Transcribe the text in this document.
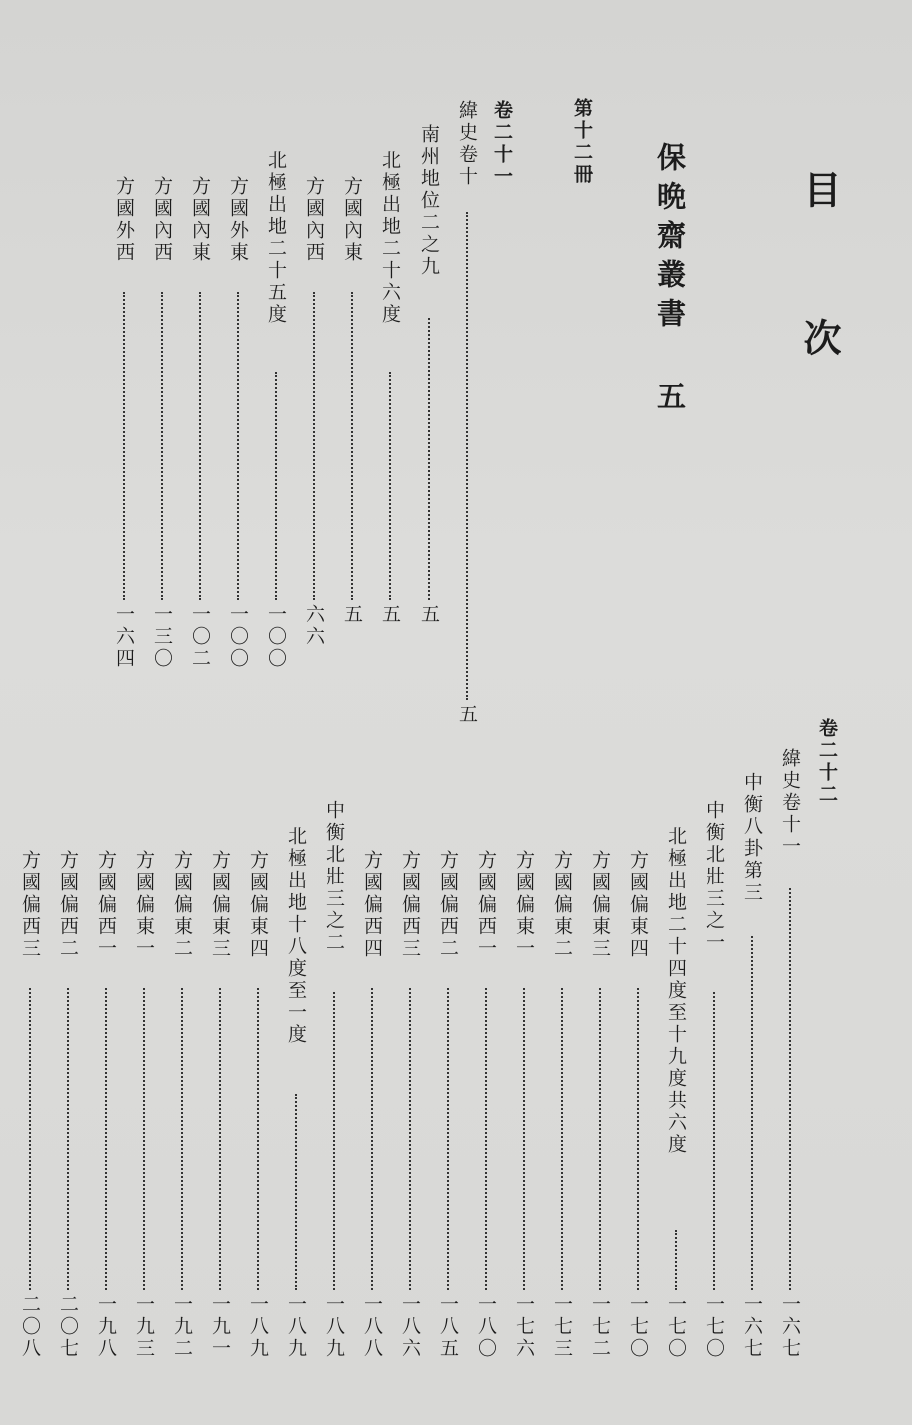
目次
保晩齋叢書 五
第十二冊
卷二十一
緯史卷十
五
南州地位二之九
五
北極出地二十六度
五
方國內東
五
方國內西
六六
北極出地二十五度
一〇〇
方國外東
一〇〇
方國內東
一〇二
方國內西
一三〇
方國外西
一六四
卷二十二
緯史卷十一
一六七
中衡八卦第三
一六七
中衡北壯三之一
一七〇
北極出地二十四度至十九度共六度
一七〇
方國偏東四
一七〇
方國偏東三
一七二
方國偏東二
一七三
方國偏東一
一七六
方國偏西一
一八〇
方國偏西二
一八五
方國偏西三
一八六
方國偏西四
一八八
中衡北壯三之二
一八九
北極出地十八度至一度
一八九
方國偏東四
一八九
方國偏東三
一九一
方國偏東二
一九二
方國偏東一
一九三
方國偏西一
一九八
方國偏西二
二〇七
方國偏西三
二〇八
